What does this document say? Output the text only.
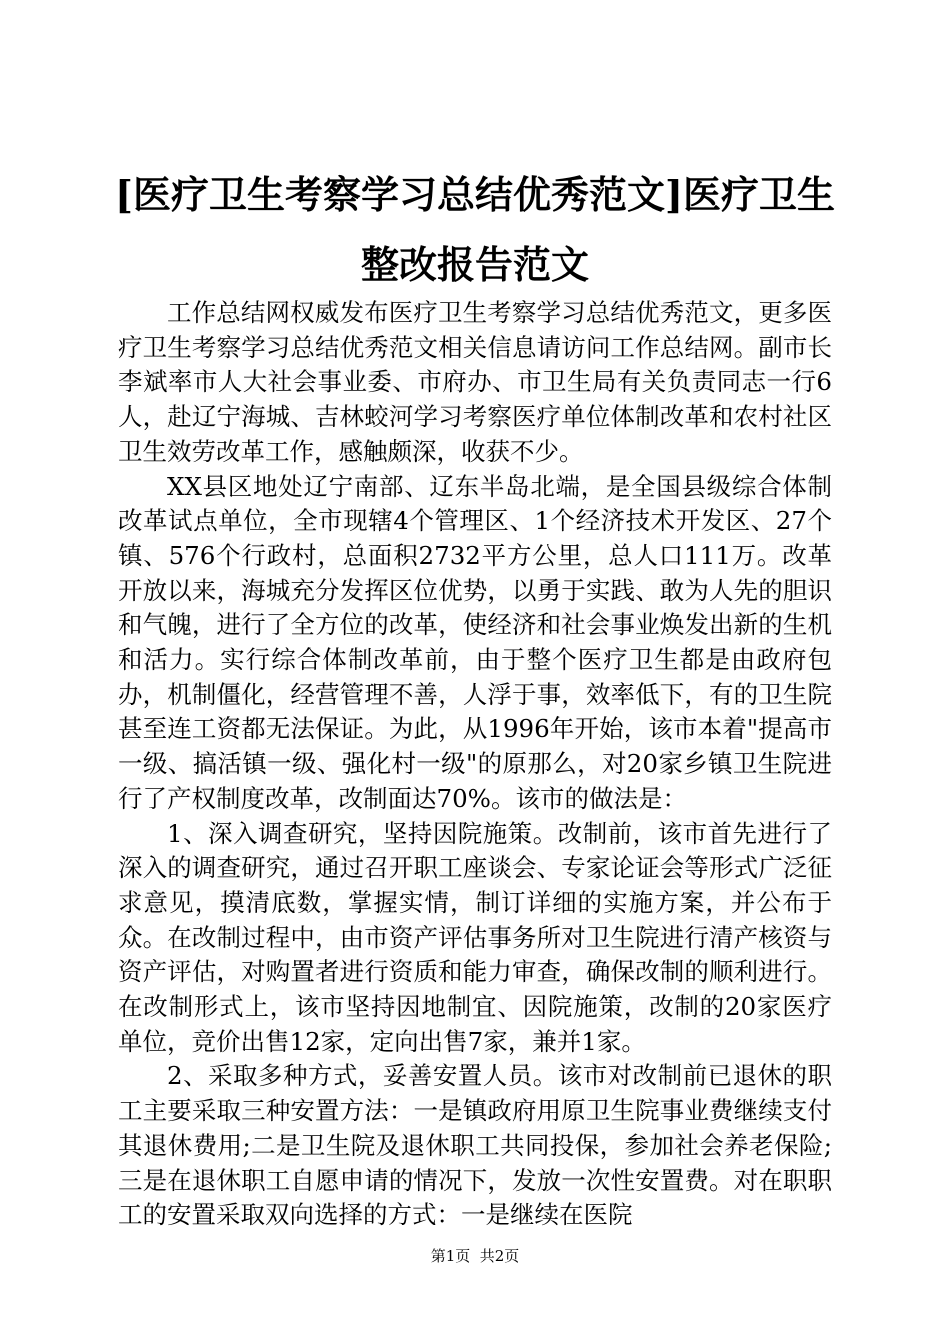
[医疗卫生考察学习总结优秀范文]医疗卫生整改报告范文

工作总结网权威发布医疗卫生考察学习总结优秀范文，更多医疗卫生考察学习总结优秀范文相关信息请访问工作总结网。副市长李斌率市人大社会事业委、市府办、市卫生局有关负责同志一行6人，赴辽宁海城、吉林蛟河学习考察医疗单位体制改革和农村社区卫生效劳改革工作，感触颇深，收获不少。

XX县区地处辽宁南部、辽东半岛北端，是全国县级综合体制改革试点单位，全市现辖4个管理区、1个经济技术开发区、27个镇、576个行政村，总面积2732平方公里，总人口111万。改革开放以来，海城充分发挥区位优势，以勇于实践、敢为人先的胆识和气魄，进行了全方位的改革，使经济和社会事业焕发出新的生机和活力。实行综合体制改革前，由于整个医疗卫生都是由政府包办，机制僵化，经营管理不善，人浮于事，效率低下，有的卫生院甚至连工资都无法保证。为此，从1996年开始，该市本着"提高市一级、搞活镇一级、强化村一级"的原那么，对20家乡镇卫生院进行了产权制度改革，改制面达70%。该市的做法是：

1、深入调查研究，坚持因院施策。改制前，该市首先进行了深入的调查研究，通过召开职工座谈会、专家论证会等形式广泛征求意见，摸清底数，掌握实情，制订详细的实施方案，并公布于众。在改制过程中，由市资产评估事务所对卫生院进行清产核资与资产评估，对购置者进行资质和能力审查，确保改制的顺利进行。在改制形式上，该市坚持因地制宜、因院施策，改制的20家医疗单位，竞价出售12家，定向出售7家，兼并1家。

2、采取多种方式，妥善安置人员。该市对改制前已退休的职工主要采取三种安置方法：一是镇政府用原卫生院事业费继续支付其退休费用;二是卫生院及退休职工共同投保，参加社会养老保险;三是在退休职工自愿申请的情况下，发放一次性安置费。对在职职工的安置采取双向选择的方式：一是继续在医院

第1页  共2页
